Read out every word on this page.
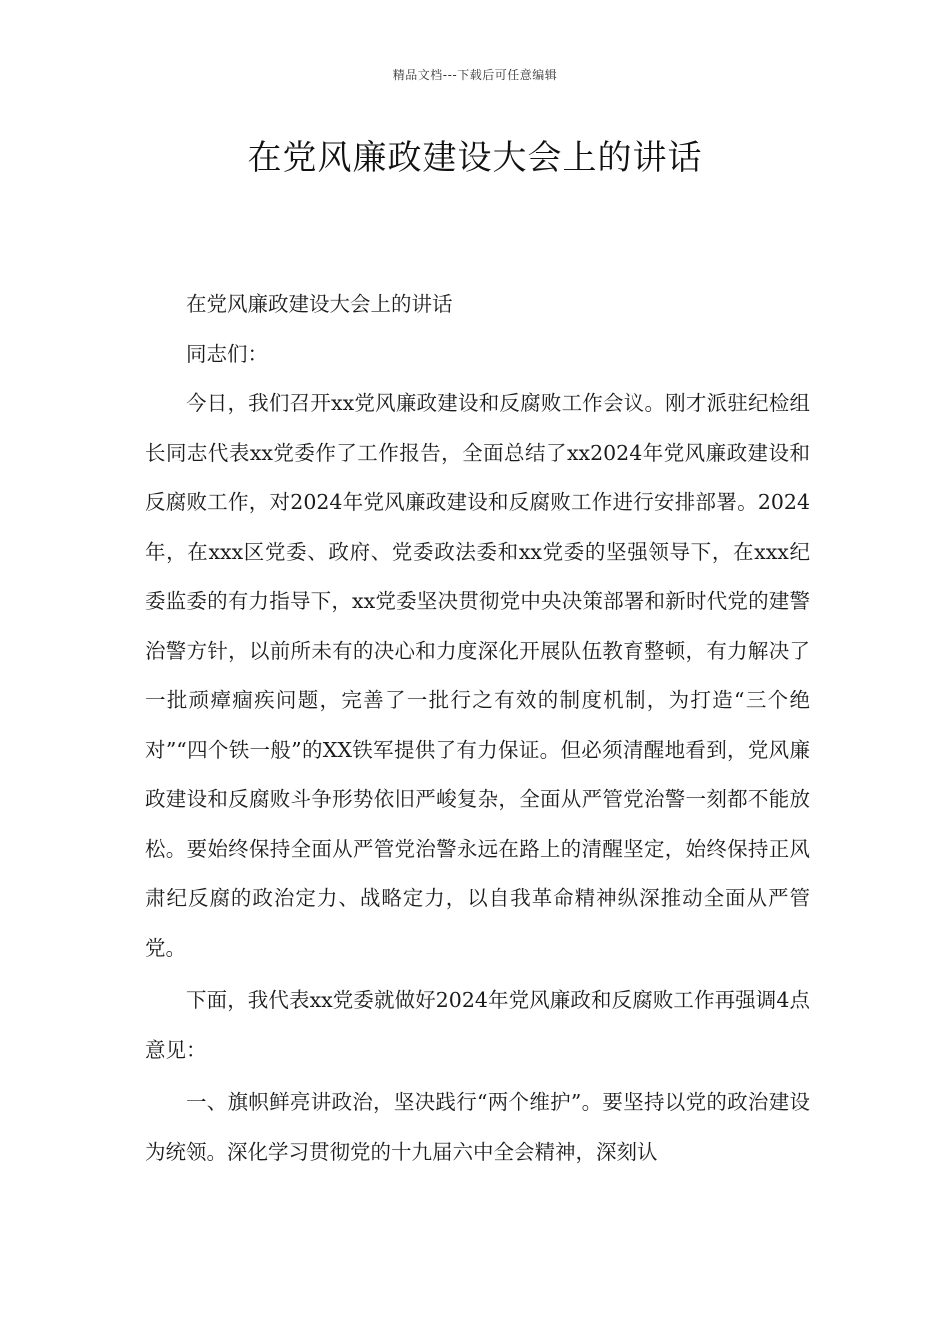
精品文档---下载后可任意编辑
在党风廉政建设大会上的讲话

在党风廉政建设大会上的讲话

同志们：

今日，我们召开xx党风廉政建设和反腐败工作会议。刚才派驻纪检组长同志代表xx党委作了工作报告，全面总结了xx2024年党风廉政建设和反腐败工作，对2024年党风廉政建设和反腐败工作进行安排部署。2024年，在xxx区党委、政府、党委政法委和xx党委的坚强领导下，在xxx纪委监委的有力指导下，xx党委坚决贯彻党中央决策部署和新时代党的建警治警方针，以前所未有的决心和力度深化开展队伍教育整顿，有力解决了一批顽瘴痼疾问题，完善了一批行之有效的制度机制，为打造“三个绝对”“四个铁一般”的XX铁军提供了有力保证。但必须清醒地看到，党风廉政建设和反腐败斗争形势依旧严峻复杂，全面从严管党治警一刻都不能放松。要始终保持全面从严管党治警永远在路上的清醒坚定，始终保持正风肃纪反腐的政治定力、战略定力，以自我革命精神纵深推动全面从严管党。

下面，我代表xx党委就做好2024年党风廉政和反腐败工作再强调4点意见：

一、旗帜鲜亮讲政治，坚决践行“两个维护”。要坚持以党的政治建设为统领。深化学习贯彻党的十九届六中全会精神，深刻认
